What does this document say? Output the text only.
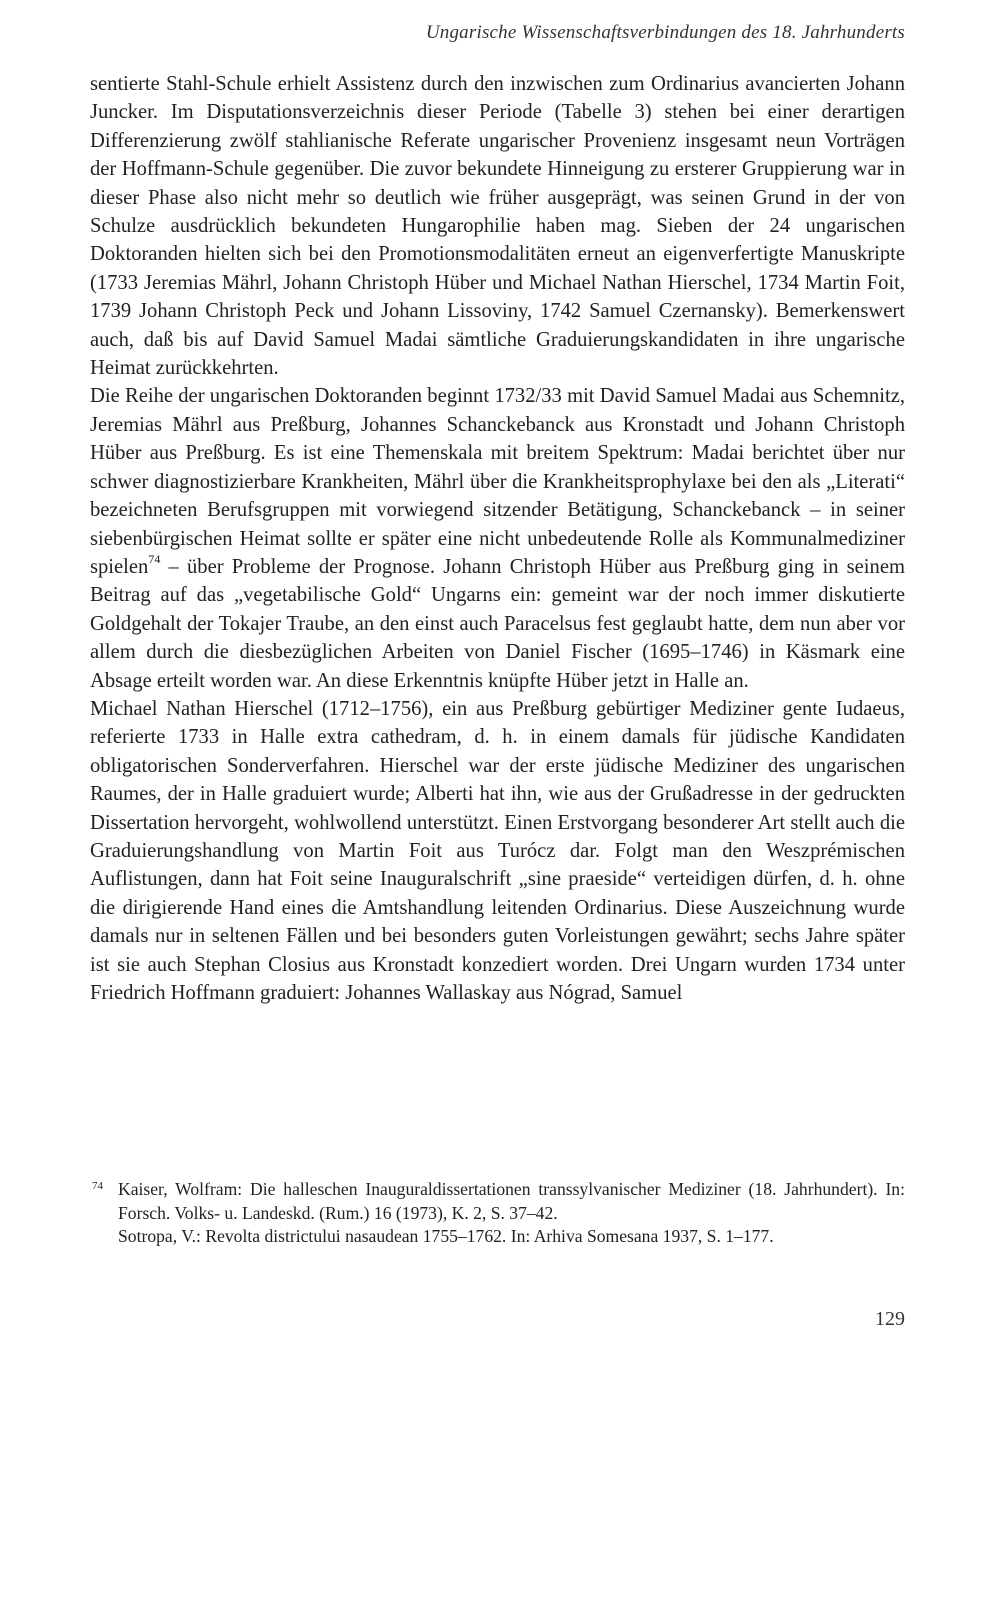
Ungarische Wissenschaftsverbindungen des 18. Jahrhunderts

sentierte Stahl-Schule erhielt Assistenz durch den inzwischen zum Ordinarius avancierten Johann Juncker. Im Disputationsverzeichnis dieser Periode (Tabelle 3) stehen bei einer derartigen Differenzierung zwölf stahlianische Referate ungarischer Provenienz insgesamt neun Vorträgen der Hoffmann-Schule gegenüber. Die zuvor bekundete Hinneigung zu ersterer Gruppierung war in dieser Phase also nicht mehr so deutlich wie früher ausgeprägt, was seinen Grund in der von Schulze ausdrücklich bekundeten Hungarophilie haben mag. Sieben der 24 ungarischen Doktoranden hielten sich bei den Promotionsmodalitäten erneut an eigenverfertigte Manuskripte (1733 Jeremias Mährl, Johann Christoph Hüber und Michael Nathan Hierschel, 1734 Martin Foit, 1739 Johann Christoph Peck und Johann Lissoviny, 1742 Samuel Czernansky). Bemerkenswert auch, daß bis auf David Samuel Madai sämtliche Graduierungskandidaten in ihre ungarische Heimat zurückkehrten.

Die Reihe der ungarischen Doktoranden beginnt 1732/33 mit David Samuel Madai aus Schemnitz, Jeremias Mährl aus Preßburg, Johannes Schanckebanck aus Kronstadt und Johann Christoph Hüber aus Preßburg. Es ist eine Themenskala mit breitem Spektrum: Madai berichtet über nur schwer diagnostizierbare Krankheiten, Mährl über die Krankheitsprophylaxe bei den als „Literati“ bezeichneten Berufsgruppen mit vorwiegend sitzender Betätigung, Schanckebanck – in seiner siebenbürgischen Heimat sollte er später eine nicht unbedeutende Rolle als Kommunalmediziner spielen$^{74}$ – über Probleme der Prognose. Johann Christoph Hüber aus Preßburg ging in seinem Beitrag auf das „vegetabilische Gold“ Ungarns ein: gemeint war der noch immer diskutierte Goldgehalt der Tokajer Traube, an den einst auch Paracelsus fest geglaubt hatte, dem nun aber vor allem durch die diesbezüglichen Arbeiten von Daniel Fischer (1695–1746) in Käsmark eine Absage erteilt worden war. An diese Erkenntnis knüpfte Hüber jetzt in Halle an.

Michael Nathan Hierschel (1712–1756), ein aus Preßburg gebürtiger Mediziner gente Iudaeus, referierte 1733 in Halle extra cathedram, d. h. in einem damals für jüdische Kandidaten obligatorischen Sonderverfahren. Hierschel war der erste jüdische Mediziner des ungarischen Raumes, der in Halle graduiert wurde; Alberti hat ihn, wie aus der Grußadresse in der gedruckten Dissertation hervorgeht, wohlwollend unterstützt. Einen Erstvorgang besonderer Art stellt auch die Graduierungshandlung von Martin Foit aus Turócz dar. Folgt man den Weszprémischen Auflistungen, dann hat Foit seine Inauguralschrift „sine praeside“ verteidigen dürfen, d. h. ohne die dirigierende Hand eines die Amtshandlung leitenden Ordinarius. Diese Auszeichnung wurde damals nur in seltenen Fällen und bei besonders guten Vorleistungen gewährt; sechs Jahre später ist sie auch Stephan Closius aus Kronstadt konzediert worden. Drei Ungarn wurden 1734 unter Friedrich Hoffmann graduiert: Johannes Wallaskay aus Nógrad, Samuel

74 Kaiser, Wolfram: Die halleschen Inauguraldissertationen transsylvanischer Mediziner (18. Jahrhundert). In: Forsch. Volks- u. Landeskd. (Rum.) 16 (1973), K. 2, S. 37–42.
Sotropa, V.: Revolta districtului nasaudean 1755–1762. In: Arhiva Somesana 1937, S. 1–177.
129
